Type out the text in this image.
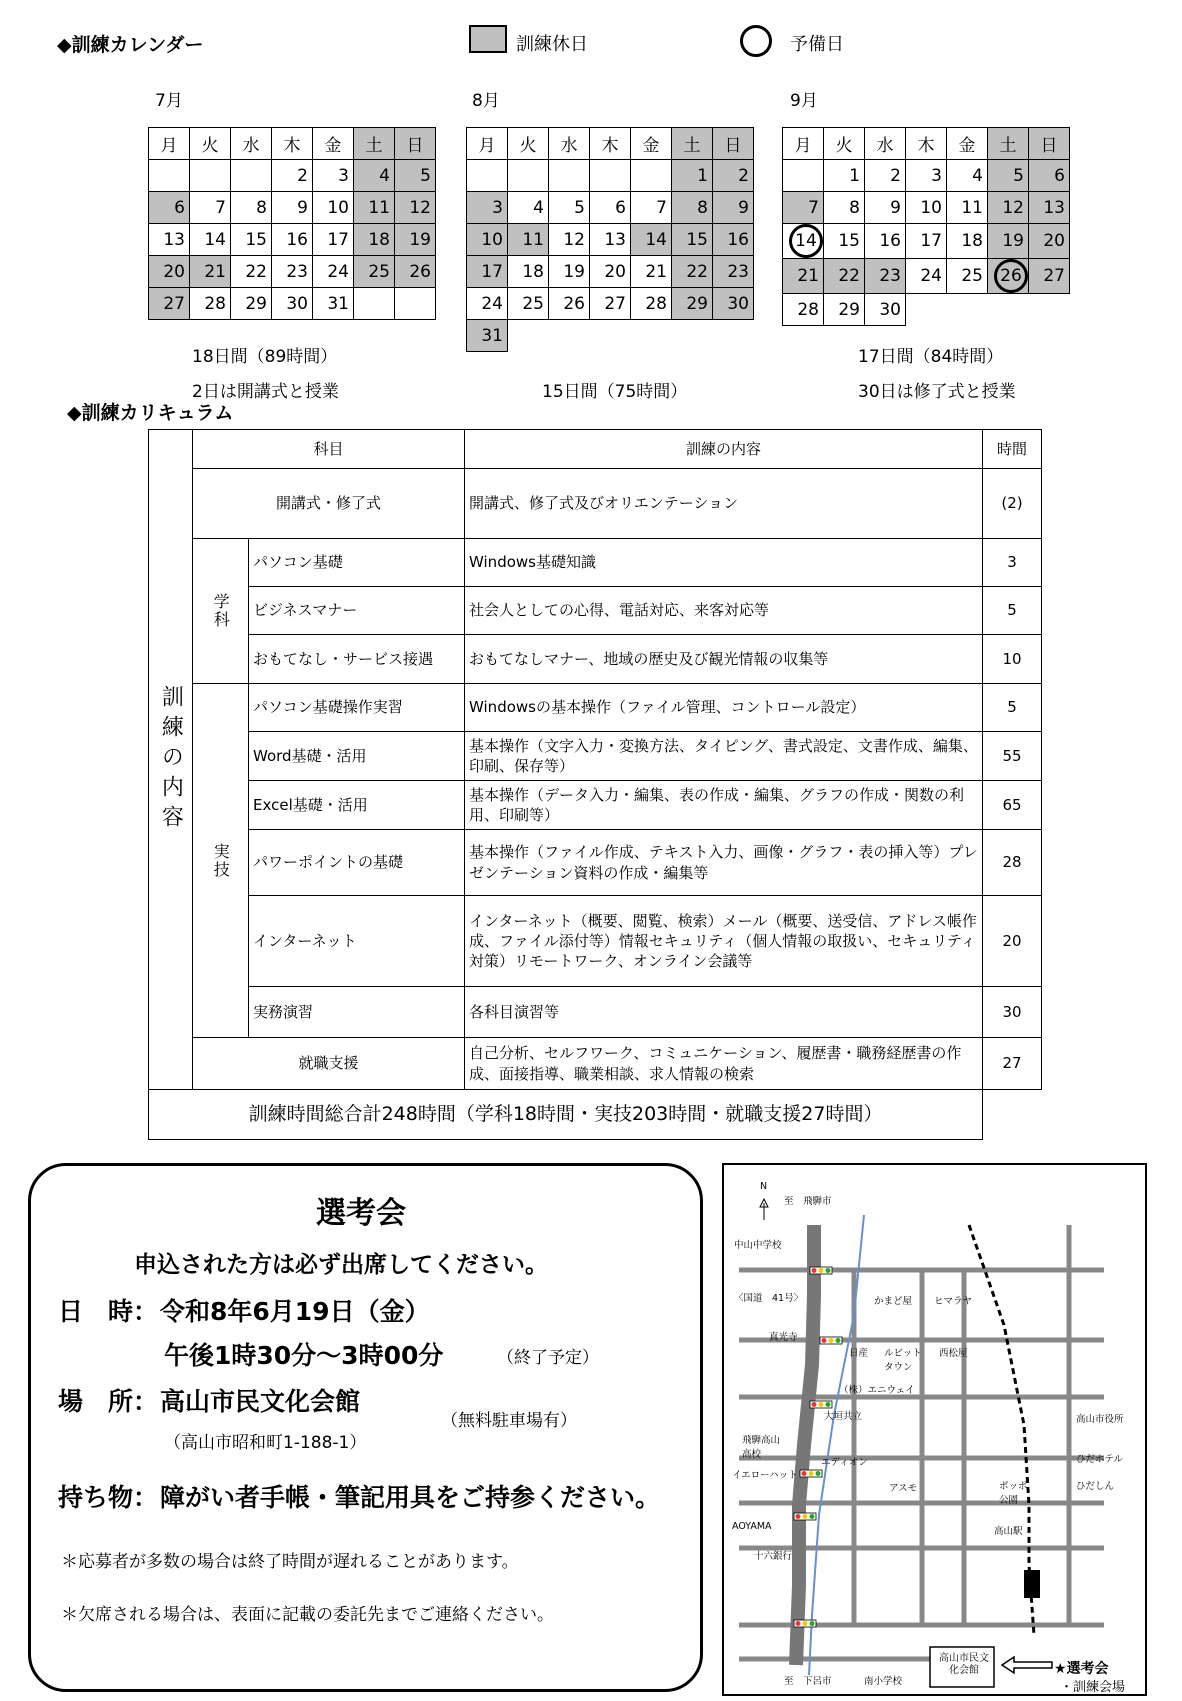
◆訓練カレンダー	訓練休日	予備日
7月	8月	9月
月	火	水	木	金	土	日
			2	3	4	5
6	7	8	9	10	11	12
13	14	15	16	17	18	19
20	21	22	23	24	25	26
27	28	29	30	31		
18日間（89時間）
2日は開講式と授業
月	火	水	木	金	土	日
					1	2
3	4	5	6	7	8	9
10	11	12	13	14	15	16
17	18	19	20	21	22	23
24	25	26	27	28	29	30
31						
15日間（75時間）
月	火	水	木	金	土	日
	1	2	3	4	5	6
7	8	9	10	11	12	13
14	15	16	17	18	19	20
21	22	23	24	25	26	27
28	29	30				
17日間（84時間）
30日は修了式と授業
◆訓練カリキュラム
訓練の内容	科目		訓練の内容	時間
	開講式・修了式		開講式、修了式及びオリエンテーション	(2)

	学科	パソコン基礎	Windows基礎知識	3
		ビジネスマナー	社会人としての心得、電話対応、来客対応等	5
		おもてなし・サービス接遇	おもてなしマナー、地域の歴史及び観光情報の収集等	10

	実技	パソコン基礎操作実習	Windowsの基本操作（ファイル管理、コントロール設定）	5
		Word基礎・活用	基本操作（文字入力・変換方法、タイピング、書式設定、文書作成、編集、印刷、保存等）	55
		Excel基礎・活用	基本操作（データ入力・編集、表の作成・編集、グラフの作成・関数の利用、印刷等）	65
		パワーポイントの基礎	基本操作（ファイル作成、テキスト入力、画像・グラフ・表の挿入等）プレゼンテーション資料の作成・編集等	28
		インターネット	インターネット（概要、閲覧、検索）メール（概要、送受信、アドレス帳作成、ファイル添付等）情報セキュリティ（個人情報の取扱い、セキュリティ対策）リモートワーク、オンライン会議等	20
		実務演習	各科目演習等	30
	就職支援		自己分析、セルフワーク、コミュニケーション、履歴書・職務経歴書の作成、面接指導、職業相談、求人情報の検索	27
訓練時間総合計248時間（学科18時間・実技203時間・就職支援27時間）				
選考会
申込された方は必ず出席してください。
日　時： 令和8年6月19日（金）
午後1時30分～3時00分	（終了予定）
場　所： 高山市民文化会館
（無料駐車場有）
（高山市昭和町1-188-1）
持ち物： 障がい者手帳・筆記用具をご持参ください。
＊応募者が多数の場合は終了時間が遅れることがあります。
＊欠席される場合は、表面に記載の委託先までご連絡ください。
N
至　飛騨市
至　下呂市
中山中学校
〈国道　41号〉	かまど屋 ヒマラヤ
真光寺
日産 ルビットタウン
西松屋
（株）エニウェイ
大垣共立
飛騨高山高校
高山市役所
エディオン	ひだホテル
イエローハット
アスモ	ポッポ公園
ひだしん
AOYAMA	高山駅
十六銀行
南小学校
高山市民文化会館	★選考会
・訓練会場
